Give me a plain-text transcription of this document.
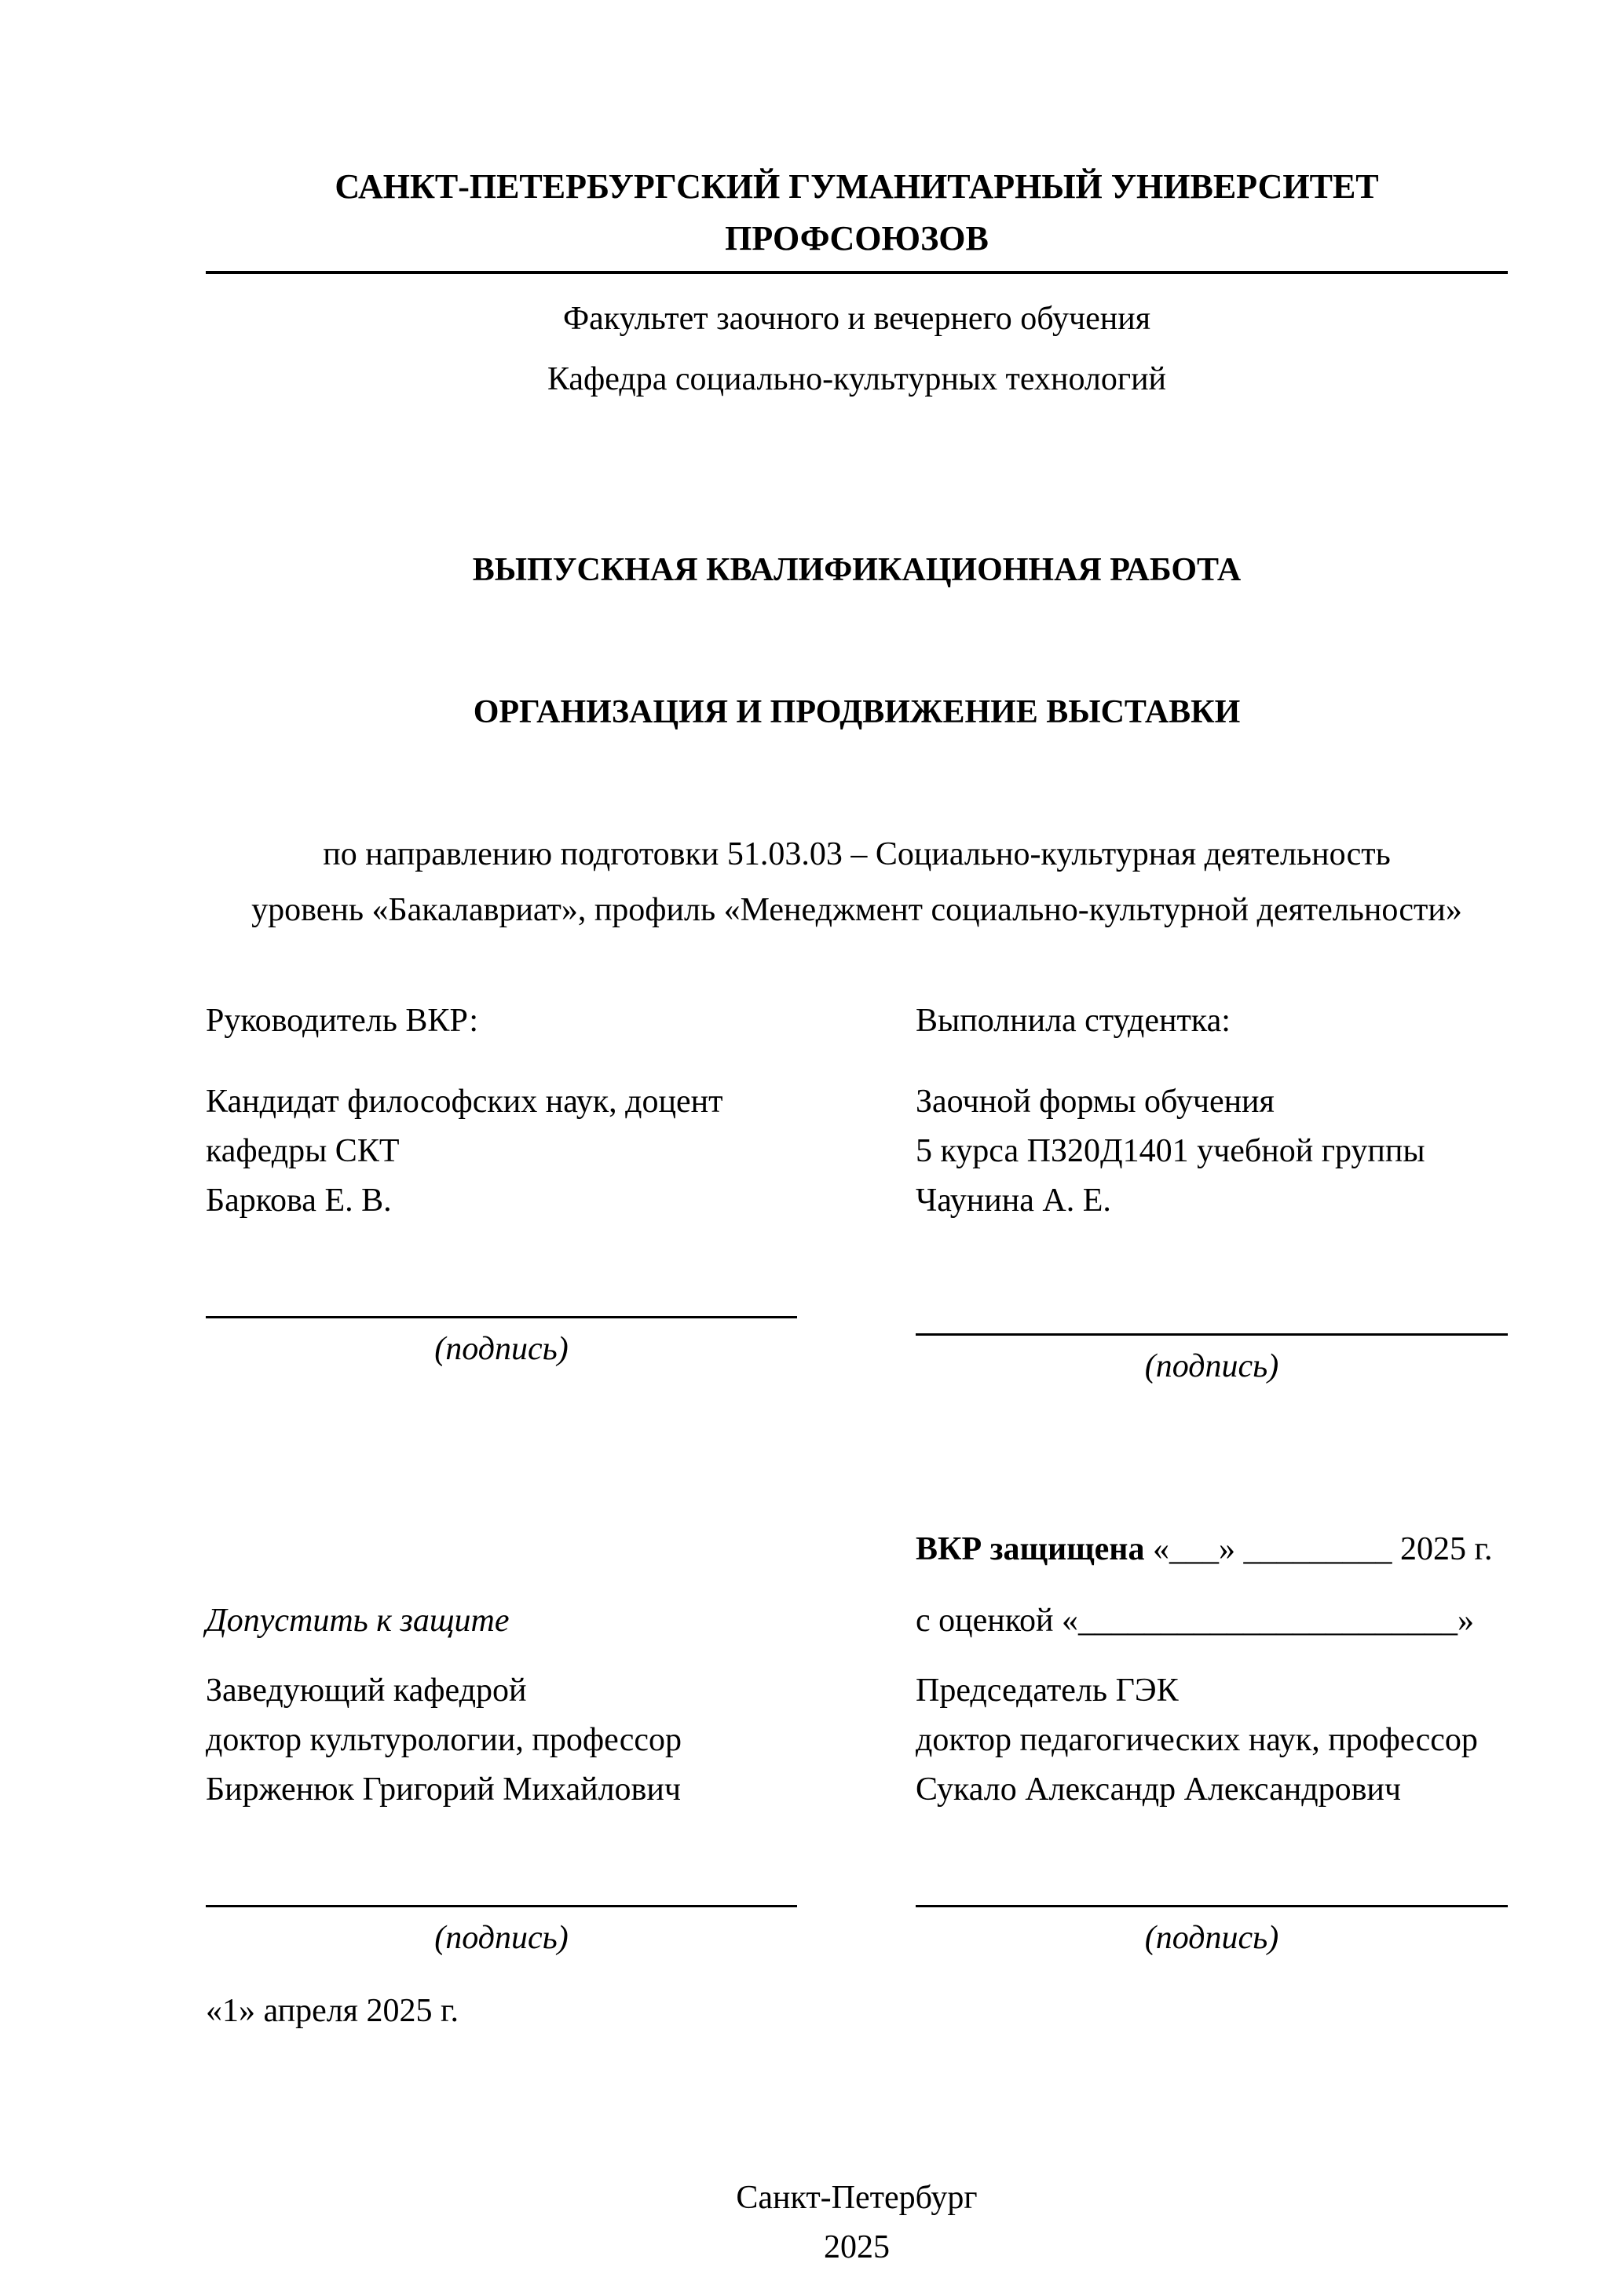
САНКТ-ПЕТЕРБУРГСКИЙ ГУМАНИТАРНЫЙ УНИВЕРСИТЕТ ПРОФСОЮЗОВ
Факультет заочного и вечернего обучения
Кафедра социально-культурных технологий
ВЫПУСКНАЯ КВАЛИФИКАЦИОННАЯ РАБОТА
ОРГАНИЗАЦИЯ И ПРОДВИЖЕНИЕ ВЫСТАВКИ
по направлению подготовки 51.03.03 – Социально-культурная деятельность
уровень «Бакалавриат», профиль «Менеджмент социально-культурной деятельности»
Руководитель ВКР:	Выполнила студентка:
Кандидат философских наук, доцент
кафедры СКТ
Баркова Е. В.
Заочной формы обучения
5 курса ПЗ20Д1401 учебной группы
Чаунина А. Е.
(подпись)	(подпись)
ВКР защищена «___» _________ 2025 г.
Допустить к защите	с оценкой «_______________________»
Заведующий кафедрой
доктор культурологии, профессор
Бирженюк Григорий Михайлович
Председатель ГЭК
доктор педагогических наук, профессор
Сукало Александр Александрович
(подпись)	(подпись)
«1» апреля 2025 г.
Санкт-Петербург
2025
